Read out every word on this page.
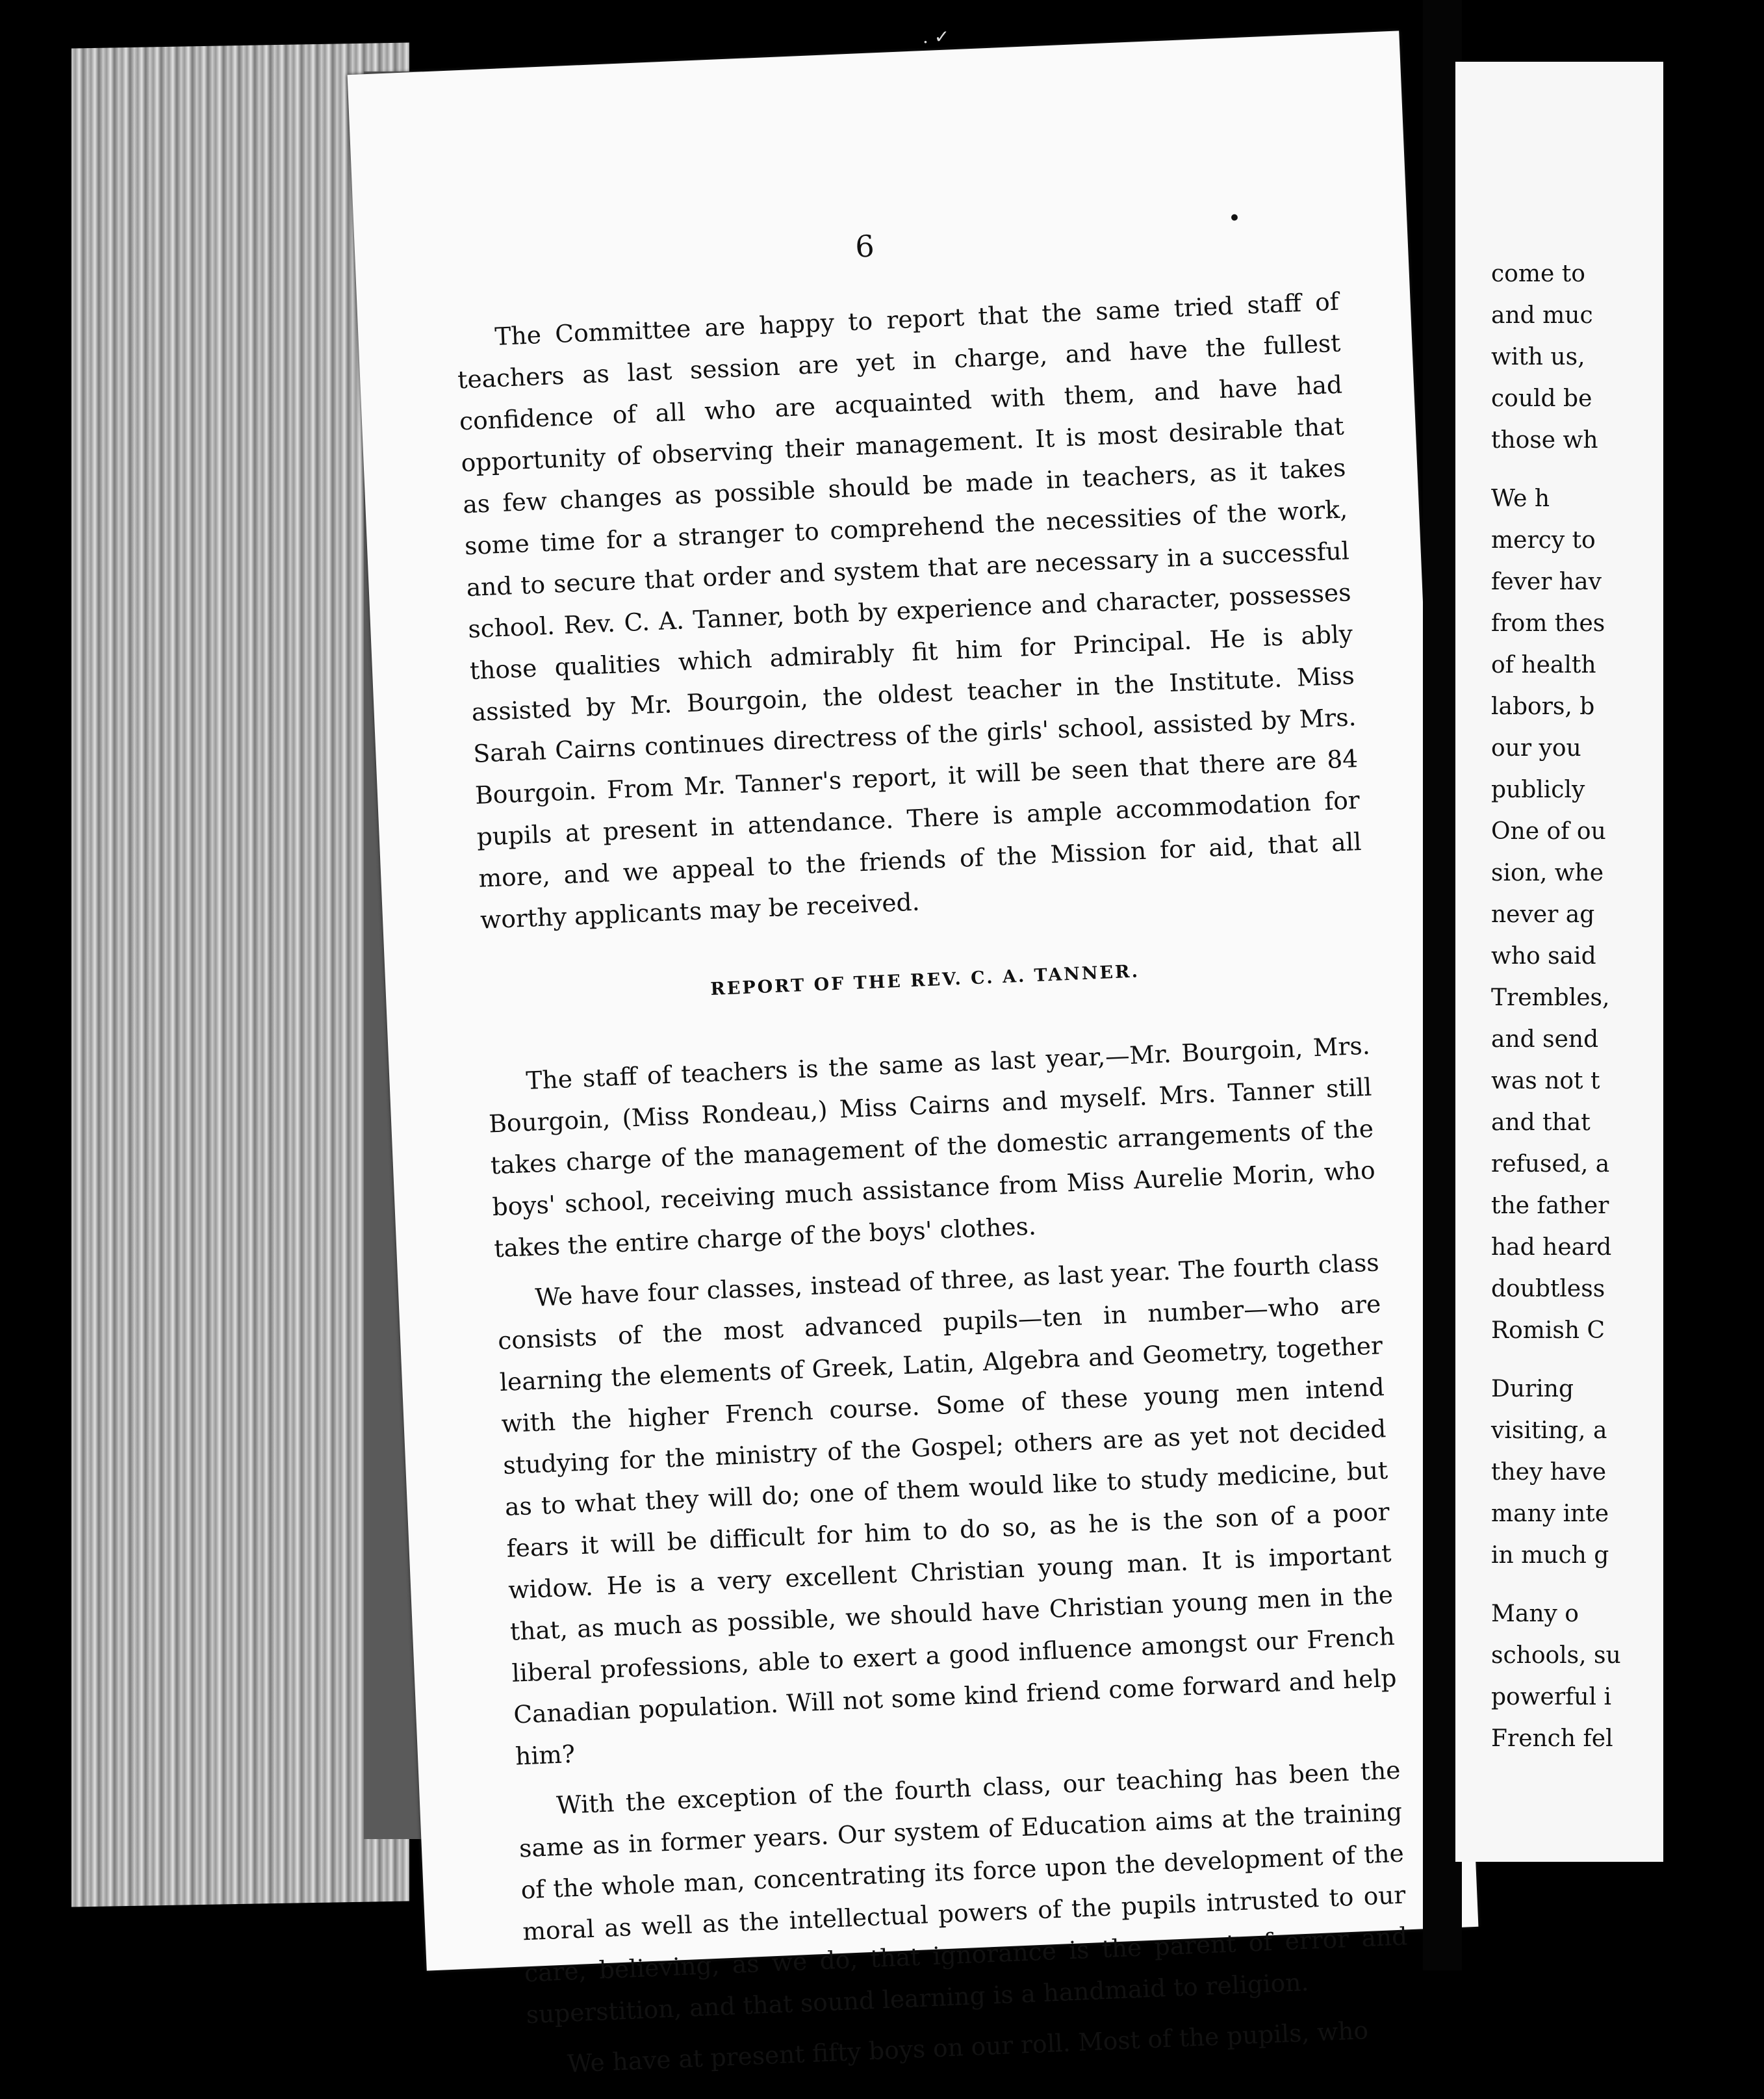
. ✓
6
•

The Committee are happy to report that the same tried staff of teachers as last session are yet in charge, and have the fullest confidence of all who are acquainted with them, and have had opportunity of observing their management. It is most desirable that as few changes as possible should be made in teachers, as it takes some time for a stranger to comprehend the necessities of the work, and to secure that order and system that are necessary in a successful school. Rev. C. A. Tanner, both by experience and character, possesses those qualities which admirably fit him for Principal. He is ably assisted by Mr. Bourgoin, the oldest teacher in the Institute. Miss Sarah Cairns continues directress of the girls' school, assisted by Mrs. Bourgoin. From Mr. Tanner's report, it will be seen that there are 84 pupils at present in attendance. There is ample accommodation for more, and we appeal to the friends of the Mission for aid, that all worthy applicants may be received.

REPORT OF THE REV. C. A. TANNER.

The staff of teachers is the same as last year,—Mr. Bourgoin, Mrs. Bourgoin, (Miss Rondeau,) Miss Cairns and myself. Mrs. Tanner still takes charge of the management of the domestic arrangements of the boys' school, receiving much assistance from Miss Aurelie Morin, who takes the entire charge of the boys' clothes.

We have four classes, instead of three, as last year. The fourth class consists of the most advanced pupils—ten in number—who are learning the elements of Greek, Latin, Algebra and Geometry, together with the higher French course. Some of these young men intend studying for the ministry of the Gospel; others are as yet not decided as to what they will do; one of them would like to study medicine, but fears it will be difficult for him to do so, as he is the son of a poor widow. He is a very excellent Christian young man. It is important that, as much as possible, we should have Christian young men in the liberal professions, able to exert a good influence amongst our French Canadian population. Will not some kind friend come forward and help him?

With the exception of the fourth class, our teaching has been the same as in former years. Our system of Education aims at the training of the whole man, concentrating its force upon the development of the moral as well as the intellectual powers of the pupils intrusted to our care, believing, as we do, that ignorance is the parent of error and superstition, and that sound learning is a handmaid to religion.

We have at present fifty boys on our roll. Most of the pupils, who

come to
and muc
with us,
could be
those wh
We h
mercy to
fever hav
from thes
of health
labors, b
our you
publicly
One of ou
sion, whe
never ag
who said
Trembles,
and send
was not t
and that
refused, a
the father
had heard
doubtless
Romish C
During
visiting, a
they have
many inte
in much g
Many o
schools, su
powerful i
French fel
